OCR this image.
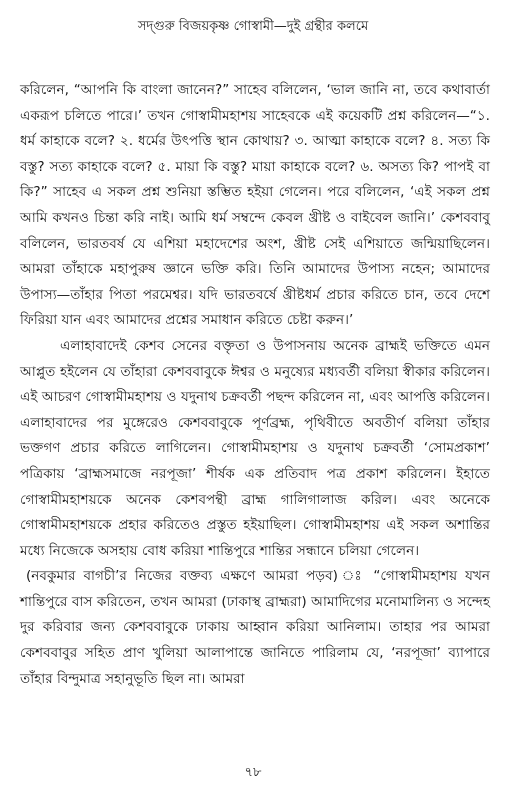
সদ্গুরু বিজয়কৃষ্ণ গোস্বামী—দুই গ্রন্থীর কলমে

করিলেন, “আপনি কি বাংলা জানেন?” সাহেব বলিলেন, ‘ভাল জানি না, তবে কথাবার্তা একরূপ চলিতে পারে।’ তখন গোস্বামীমহাশয় সাহেবকে এই কয়েকটি প্রশ্ন করিলেন—“১. ধর্ম কাহাকে বলে? ২. ধর্মের উৎপত্তি স্থান কোথায়? ৩. আত্মা কাহাকে বলে? ৪. সত্য কি বস্তু? সত্য কাহাকে বলে? ৫. মায়া কি বস্তু? মায়া কাহাকে বলে? ৬. অসত্য কি? পাপই বা কি?” সাহেব এ সকল প্রশ্ন শুনিয়া স্তম্ভিত হইয়া গেলেন। পরে বলিলেন, ‘এই সকল প্রশ্ন আমি কখনও চিন্তা করি নাই। আমি ধর্ম সম্বন্দে কেবল খ্রীষ্ট ও বাইবেল জানি।’ কেশববাবু বলিলেন, ভারতবর্ষ যে এশিয়া মহাদেশের অংশ, খ্রীষ্ট সেই এশিয়াতে জন্মিয়াছিলেন। আমরা তাঁহাকে মহাপুরুষ জ্ঞানে ভক্তি করি। তিনি আমাদের উপাস্য নহেন; আমাদের উপাস্য—তাঁহার পিতা পরমেশ্বর। যদি ভারতবর্ষে খ্রীষ্টধর্ম প্রচার করিতে চান, তবে দেশে ফিরিয়া যান এবং আমাদের প্রশ্নের সমাধান করিতে চেষ্টা করুন।’

এলাহাবাদেই কেশব সেনের বক্তৃতা ও উপাসনায় অনেক ব্রাহ্মই ভক্তিতে এমন আপ্লুত হইলেন যে তাঁহারা কেশববাবুকে ঈশ্বর ও মনুষ্যের মধ্যবর্তী বলিয়া স্বীকার করিলেন। এই আচরণ গোস্বামীমহাশয় ও যদুনাথ চক্রবর্তী পছন্দ করিলেন না, এবং আপত্তি করিলেন। এলাহাবাদের পর মুঙ্গেরেও কেশববাবুকে পূর্ণব্রহ্ম, পৃথিবীতে অবতীর্ণ বলিয়া তাঁহার ভক্তগণ প্রচার করিতে লাগিলেন। গোস্বামীমহাশয় ও যদুনাথ চক্রবর্তী ‘সোমপ্রকাশ’ পত্রিকায় ‘ব্রাহ্মসমাজে নরপূজা’ শীর্ষক এক প্রতিবাদ পত্র প্রকাশ করিলেন। ইহাতে গোস্বামীমহাশয়কে অনেক কেশবপন্থী ব্রাহ্ম গালিগালাজ করিল। এবং অনেকে গোস্বামীমহাশয়কে প্রহার করিতেও প্রস্তুত হইয়াছিল। গোস্বামীমহাশয় এই সকল অশান্তির মধ্যে নিজেকে অসহায় বোধ করিয়া শান্তিপুরে শান্তির সন্ধানে চলিয়া গেলেন।

(নবকুমার বাগচী’র নিজের বক্তব্য এক্ষণে আমরা পড়ব) ঃ “গোস্বামীমহাশয় যখন শান্তিপুরে বাস করিতেন, তখন আমরা (ঢাকাস্থ ব্রাহ্মরা) আমাদিগের মনোমালিন্য ও সন্দেহ দুর করিবার জন্য কেশববাবুকে ঢাকায় আহ্বান করিয়া আনিলাম। তাহার পর আমরা কেশববাবুর সহিত প্রাণ খুলিয়া আলাপান্তে জানিতে পারিলাম যে, ‘নরপূজা’ ব্যাপারে তাঁহার বিন্দুমাত্র সহানুভূতি ছিল না। আমরা

৭৮
